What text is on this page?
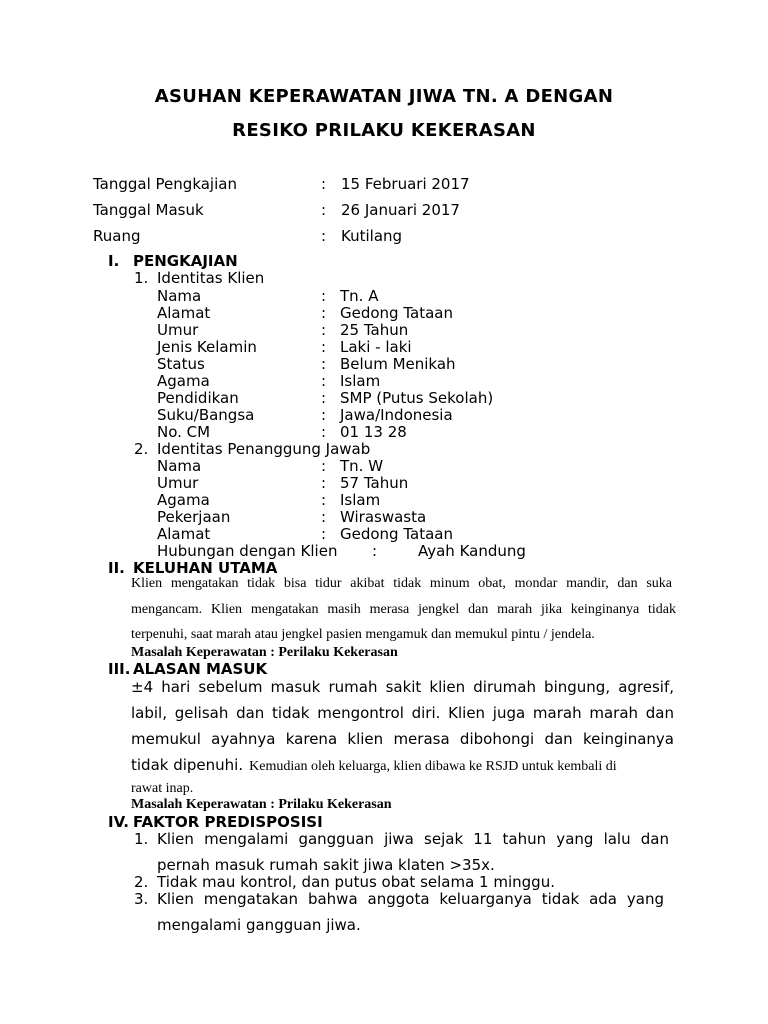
ASUHAN KEPERAWATAN JIWA TN. A DENGAN
RESIKO PRILAKU KEKERASAN
Tanggal Pengkajian	: 15 Februari 2017
Tanggal Masuk	: 26 Januari 2017
Ruang	: Kutilang
I. PENGKAJIAN
1. Identitas Klien
Nama	: Tn. A
Alamat	: Gedong Tataan
Umur	: 25 Tahun
Jenis Kelamin	: Laki - laki
Status	: Belum Menikah
Agama	: Islam
Pendidikan	: SMP (Putus Sekolah)
Suku/Bangsa	: Jawa/Indonesia
No. CM	: 01 13 28
2. Identitas Penanggung Jawab
Nama	: Tn. W
Umur	: 57 Tahun
Agama	: Islam
Pekerjaan	: Wiraswasta
Alamat	: Gedong Tataan
Hubungan dengan Klien :	Ayah Kandung
II. KELUHAN UTAMA
Klien mengatakan tidak bisa tidur akibat tidak minum obat, mondar mandir, dan suka
mengancam. Klien mengatakan masih merasa jengkel dan marah jika keinginanya tidak
terpenuhi, saat marah atau jengkel pasien mengamuk dan memukul pintu / jendela.
Masalah Keperawatan : Perilaku Kekerasan
III. ALASAN MASUK
±4 hari sebelum masuk rumah sakit klien dirumah bingung, agresif,
labil, gelisah dan tidak mengontrol diri. Klien juga marah marah dan
memukul ayahnya karena klien merasa dibohongi dan keinginanya
tidak dipenuhi. Kemudian oleh keluarga, klien dibawa ke RSJD untuk kembali di
rawat inap.
Masalah Keperawatan : Prilaku Kekerasan
IV. FAKTOR PREDISPOSISI
1. Klien mengalami gangguan jiwa sejak 11 tahun yang lalu dan
pernah masuk rumah sakit jiwa klaten >35x.
2. Tidak mau kontrol, dan putus obat selama 1 minggu.
3. Klien mengatakan bahwa anggota keluarganya tidak ada yang
mengalami gangguan jiwa.
